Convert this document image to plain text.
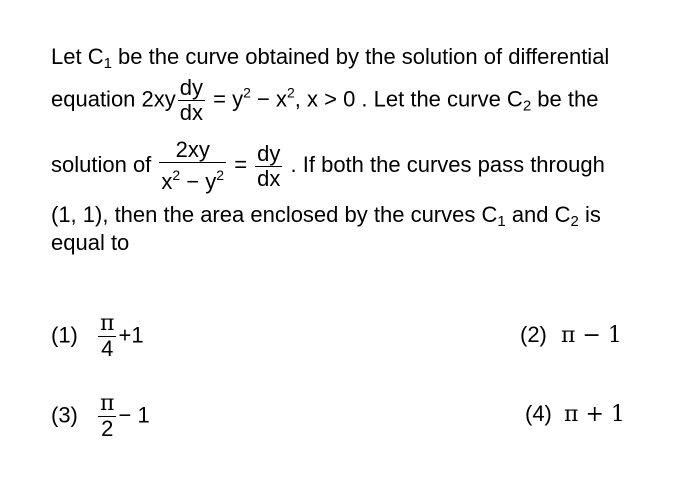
Let $C_1$ be the curve obtained by the solution of differential
equation $2xy \frac{dy}{dx} = y^2 - x^2$, x > 0 . Let the curve $C_2$ be the
solution of $\frac{2xy}{x^2 - y^2} = \frac{dy}{dx}$ . If both the curves pass through
(1, 1), then the area enclosed by the curves $C_1$ and $C_2$ is
equal to
$(1) \frac{\pi}{4} +1$	(2) π − 1
$(3) \frac{\pi}{2} - 1$	(4) π + 1
